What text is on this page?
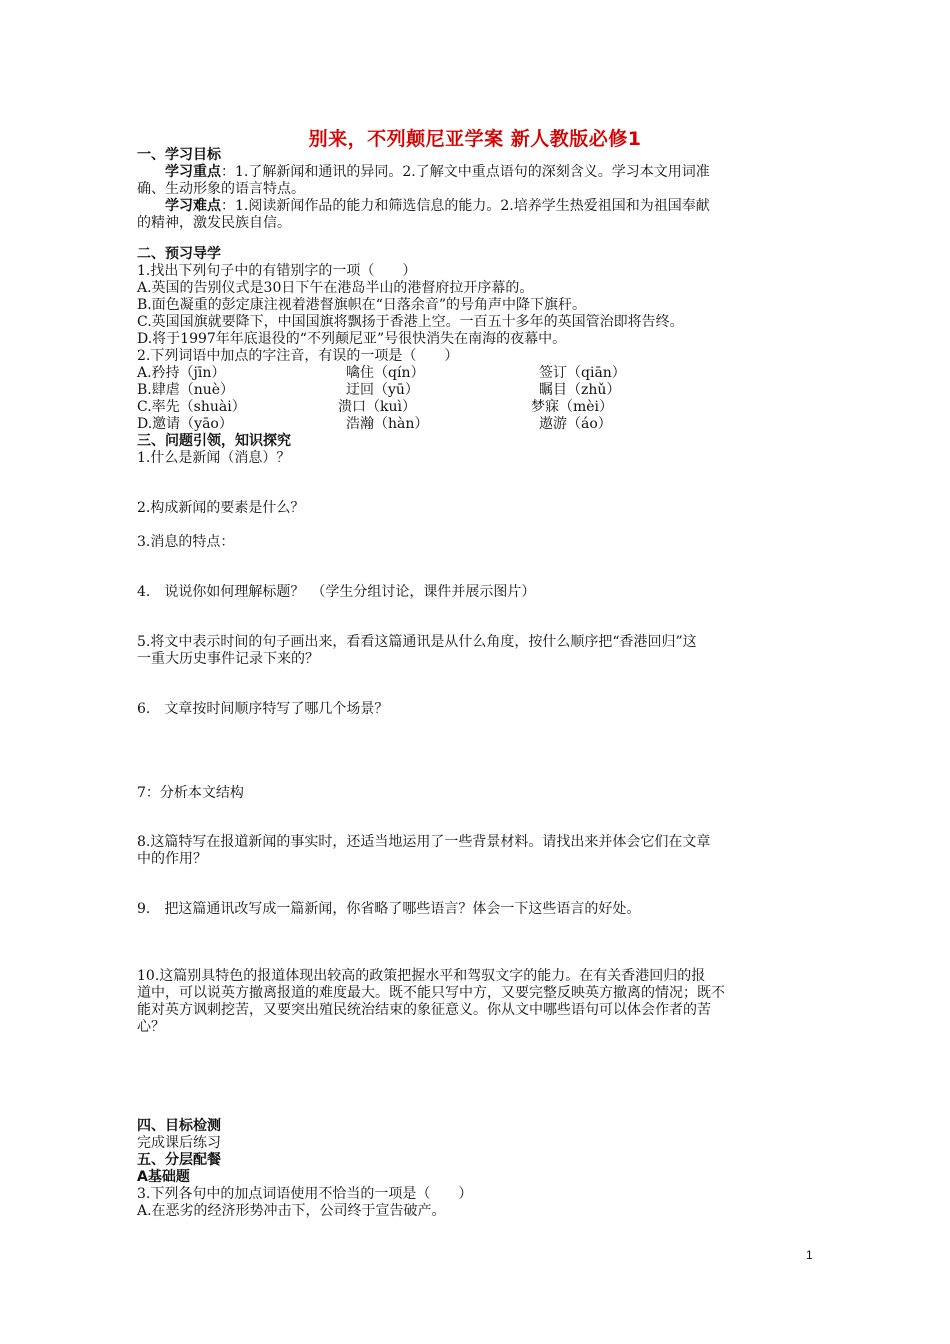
别来，不列颠尼亚学案 新人教版必修1
一、学习目标
学习重点：1.了解新闻和通讯的异同。2.了解文中重点语句的深刻含义。学习本文用词准
确、生动形象的语言特点。
学习难点：1.阅读新闻作品的能力和筛选信息的能力。2.培养学生热爱祖国和为祖国奉献
的精神，激发民族自信。
二、预习导学
1.找出下列句子中的有错别字的一项（　　）
A.英国的告别仪式是30日下午在港岛半山的港督府拉开序幕的。
B.面色凝重的彭定康注视着港督旗帜在“日落余音”的号角声中降下旗秆。
C.英国国旗就要降下，中国国旗将飘扬于香港上空。一百五十多年的英国管治即将告终。
D.将于1997年年底退役的“不列颠尼亚”号很快消失在南海的夜幕中。
2.下列词语中加点的字注音，有误的一项是（　　）
A.矜持（jīn）	噙住（qín）	签订（qiān）
B.肆虐（nuè）	迂回（yū）	瞩目（zhǔ）
C.率先（shuài）	溃口（kuì）	梦寐（mèi）
D.邀请（yāo）	浩瀚（hàn）	遨游（áo）
三、问题引领，知识探究
1.什么是新闻（消息）？
2.构成新闻的要素是什么？
3.消息的特点：
4.　说说你如何理解标题？　（学生分组讨论，课件并展示图片）
5.将文中表示时间的句子画出来，看看这篇通讯是从什么角度，按什么顺序把“香港回归”这
一重大历史事件记录下来的？
6.　文章按时间顺序特写了哪几个场景？
7：分析本文结构
8.这篇特写在报道新闻的事实时，还适当地运用了一些背景材料。请找出来并体会它们在文章
中的作用？
9.　把这篇通讯改写成一篇新闻，你省略了哪些语言？体会一下这些语言的好处。
10.这篇别具特色的报道体现出较高的政策把握水平和驾驭文字的能力。在有关香港回归的报
道中，可以说英方撤离报道的难度最大。既不能只写中方，又要完整反映英方撤离的情况；既不
能对英方讽刺挖苦，又要突出殖民统治结束的象征意义。你从文中哪些语句可以体会作者的苦
心？
四、目标检测
完成课后练习
五、分层配餐
A基础题
3.下列各句中的加点词语使用不恰当的一项是（　　）
A.在恶劣的经济形势冲击下，公司终于宣告破产。
1
